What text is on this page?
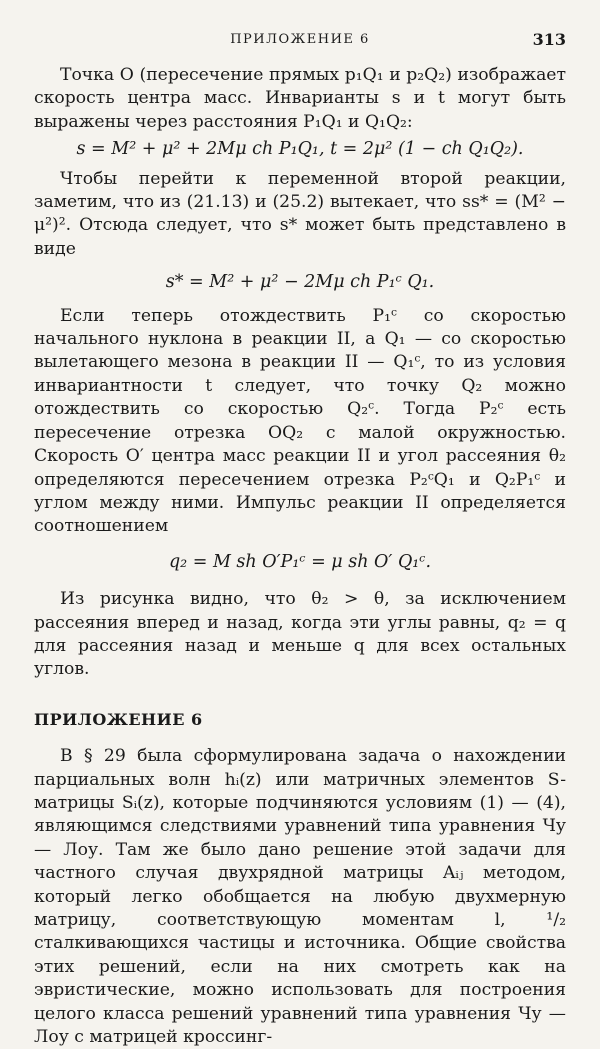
ПРИЛОЖЕНИЕ 6	313

Точка O (пересечение прямых p₁Q₁ и p₂Q₂) изображает скорость центра масс. Инварианты s и t могут быть выражены через расстояния P₁Q₁ и Q₁Q₂:

s = M² + μ² + 2Mμ ch P₁Q₁, t = 2μ² (1 − ch Q₁Q₂).

Чтобы перейти к переменной второй реакции, заметим, что из (21.13) и (25.2) вытекает, что ss* = (M² − μ²)². Отсюда следует, что s* может быть представлено в виде

s* = M² + μ² − 2Mμ ch P₁ᶜ Q₁.

Если теперь отождествить P₁ᶜ со скоростью начального нуклона в реакции II, а Q₁ — со скоростью вылетающего мезона в реакции II — Q₁ᶜ, то из условия инвариантности t следует, что точку Q₂ можно отождествить со скоростью Q₂ᶜ. Тогда P₂ᶜ есть пересечение отрезка OQ₂ с малой окружностью. Скорость O′ центра масс реакции II и угол рассеяния θ₂ определяются пересечением отрезка P₂ᶜQ₁ и Q₂P₁ᶜ и углом между ними. Импульс реакции II определяется соотношением

q₂ = M sh O′P₁ᶜ = μ sh O′ Q₁ᶜ.

Из рисунка видно, что θ₂ > θ, за исключением рассеяния вперед и назад, когда эти углы равны, q₂ = q для рассеяния назад и меньше q для всех остальных углов.

ПРИЛОЖЕНИЕ 6

В § 29 была сформулирована задача о нахождении парциальных волн hᵢ(z) или матричных элементов S-матрицы Sᵢ(z), которые подчиняются условиям (1) — (4), являющимся следствиями уравнений типа уравнения Чу — Лоу. Там же было дано решение этой задачи для частного случая двухрядной матрицы Aᵢⱼ методом, который легко обобщается на любую двухмерную матрицу, соответствующую моментам l, ¹/₂ сталкивающихся частицы и источника. Общие свойства этих решений, если на них смотреть как на эвристические, можно использовать для построения целого класса решений уравнений типа уравнения Чу — Лоу с матрицей кроссинг-
